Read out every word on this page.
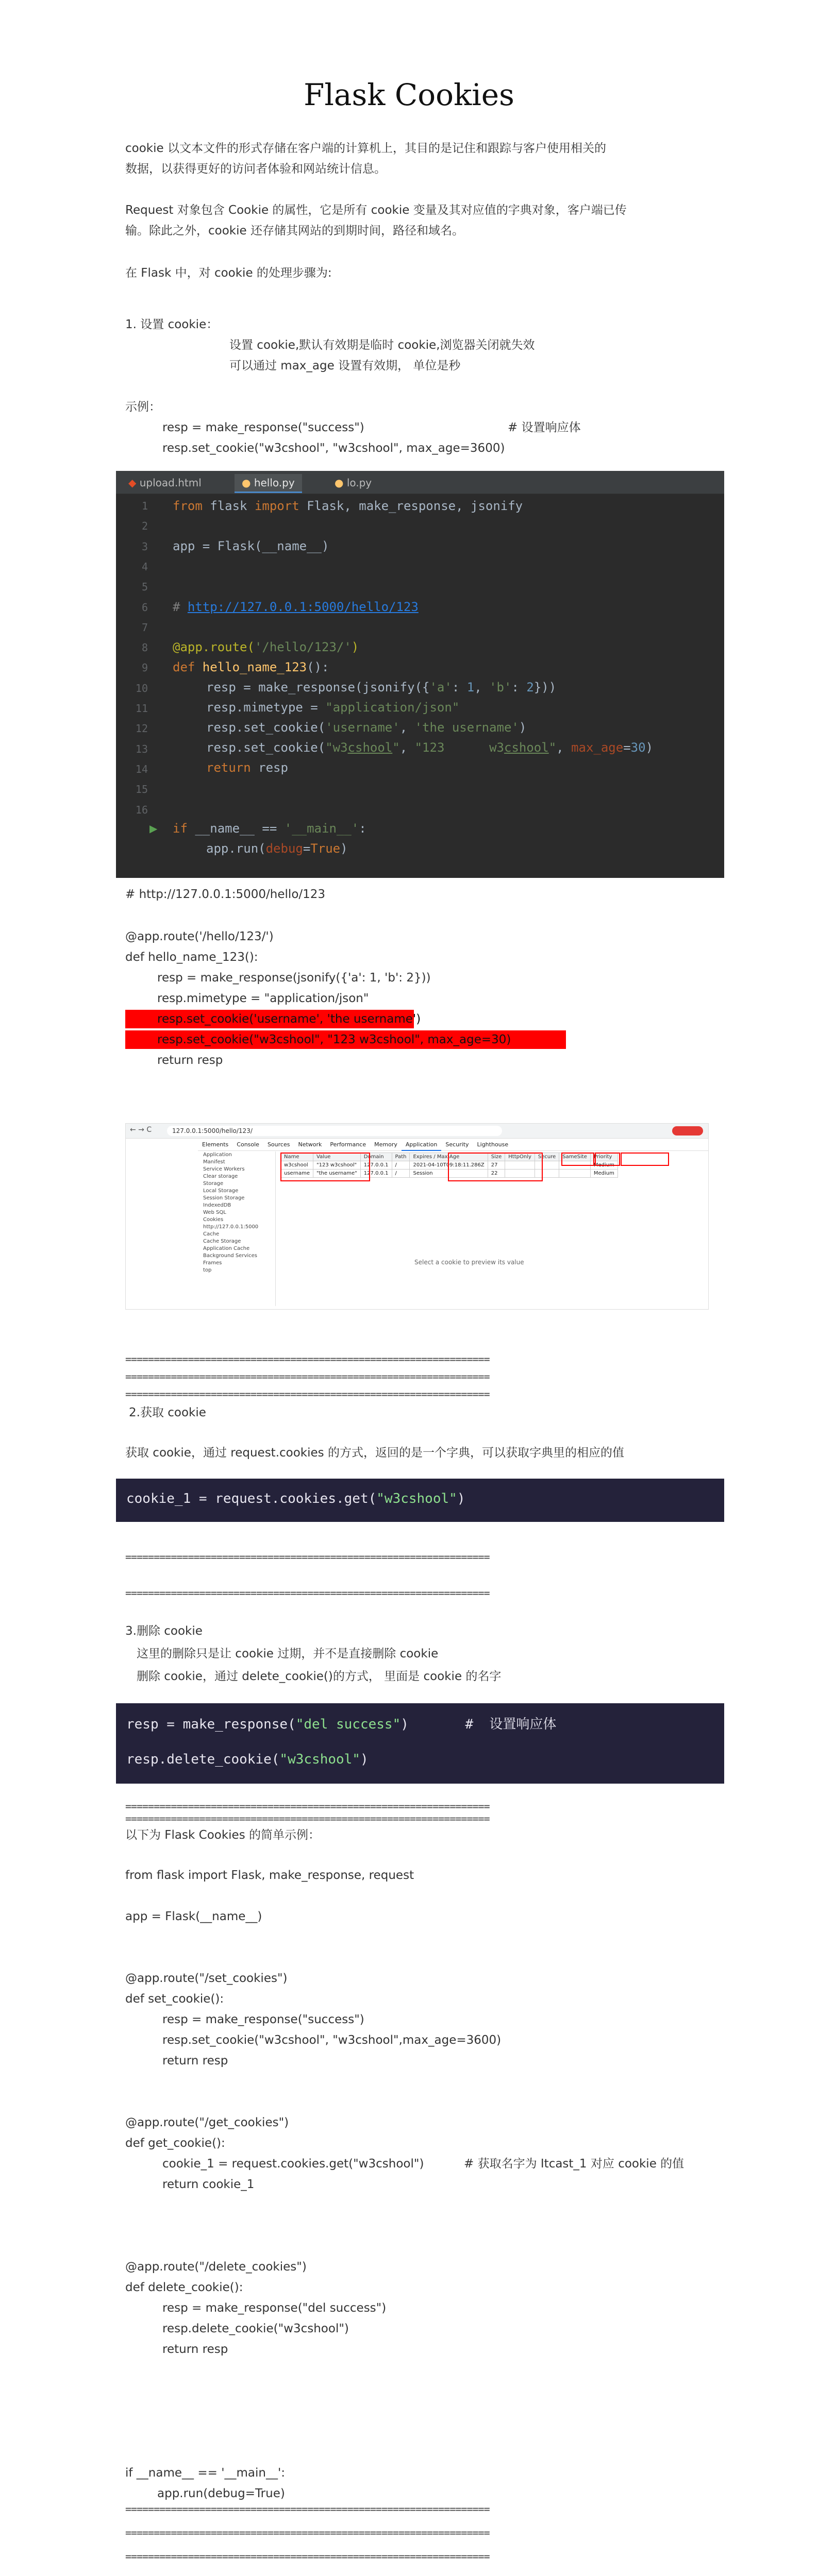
Flask Cookies
cookie 以文本文件的形式存储在客户端的计算机上，其目的是记住和跟踪与客户使用相关的
数据，以获得更好的访问者体验和网站统计信息。
Request 对象包含 Cookie 的属性，它是所有 cookie 变量及其对应值的字典对象，客户端已传
输。除此之外，cookie 还存储其网站的到期时间，路径和域名。
在 Flask 中，对 cookie 的处理步骤为:
1. 设置 cookie：
设置 cookie,默认有效期是临时 cookie,浏览器关闭就失效
可以通过 max_age 设置有效期， 单位是秒
示例：
resp = make_response("success")	# 设置响应体
resp.set_cookie("w3cshool", "w3cshool", max_age=3600)
◆ upload.html	● hello.py	● lo.py
1
2
3
4
5
6
7
8
9
10
11
12
13
14
15
16
from flask import Flask, make_response, jsonify
app = Flask(__name__)
# http://127.0.0.1:5000/hello/123
@app.route('/hello/123/')
def hello_name_123():
resp = make_response(jsonify({'a': 1, 'b': 2}))
resp.mimetype = "application/json"
resp.set_cookie('username', 'the username')
resp.set_cookie("w3cshool", "123      w3cshool", max_age=30)
return resp
if __name__ == '__main__':
app.run(debug=True)
▶
# http://127.0.0.1:5000/hello/123
@app.route('/hello/123/')
def hello_name_123():
resp = make_response(jsonify({'a': 1, 'b': 2}))
resp.mimetype = "application/json"
resp.set_cookie('username', 'the username')
resp.set_cookie("w3cshool", "123 w3cshool", max_age=30)
return resp
← → C	127.0.0.1:5000/hello/123/
Elements Console Sources Network Performance Memory Application Security Lighthouse
Application
Manifest
Service Workers
Clear storage
Storage
Local Storage
Session Storage
IndexedDB
Web SQL
Cookies
http://127.0.0.1:5000
Cache
Cache Storage
Application Cache
Background Services
Frames
top
Name	Value	Domain	Path	Expires / Max-Age	Size	HttpOnly	Secure	SameSite	Priority
w3cshool	"123 w3cshool"	127.0.0.1	/	2021-04-10T09:18:11.286Z	27				Medium
username	"the username"	127.0.0.1	/	Session	22				Medium
Select a cookie to preview its value
================================================================
================================================================
================================================================
2.获取 cookie
获取 cookie，通过 request.cookies 的方式，返回的是一个字典，可以获取字典里的相应的值
cookie_1 = request.cookies.get("w3cshool")
================================================================
================================================================
3.删除 cookie
这里的删除只是让 cookie 过期，并不是直接删除 cookie
删除 cookie，通过 delete_cookie()的方式， 里面是 cookie 的名字
resp = make_response("del success")       #  设置响应体
resp.delete_cookie("w3cshool")
================================================================
================================================================
以下为 Flask Cookies 的简单示例：
from flask import Flask, make_response, request
app = Flask(__name__)
@app.route("/set_cookies")
def set_cookie():
resp = make_response("success")
resp.set_cookie("w3cshool", "w3cshool",max_age=3600)
return resp
@app.route("/get_cookies")
def get_cookie():
cookie_1 = request.cookies.get("w3cshool")	# 获取名字为 Itcast_1 对应 cookie 的值
return cookie_1
@app.route("/delete_cookies")
def delete_cookie():
resp = make_response("del success")
resp.delete_cookie("w3cshool")
return resp
if __name__ == '__main__':
app.run(debug=True)
================================================================
================================================================
================================================================
